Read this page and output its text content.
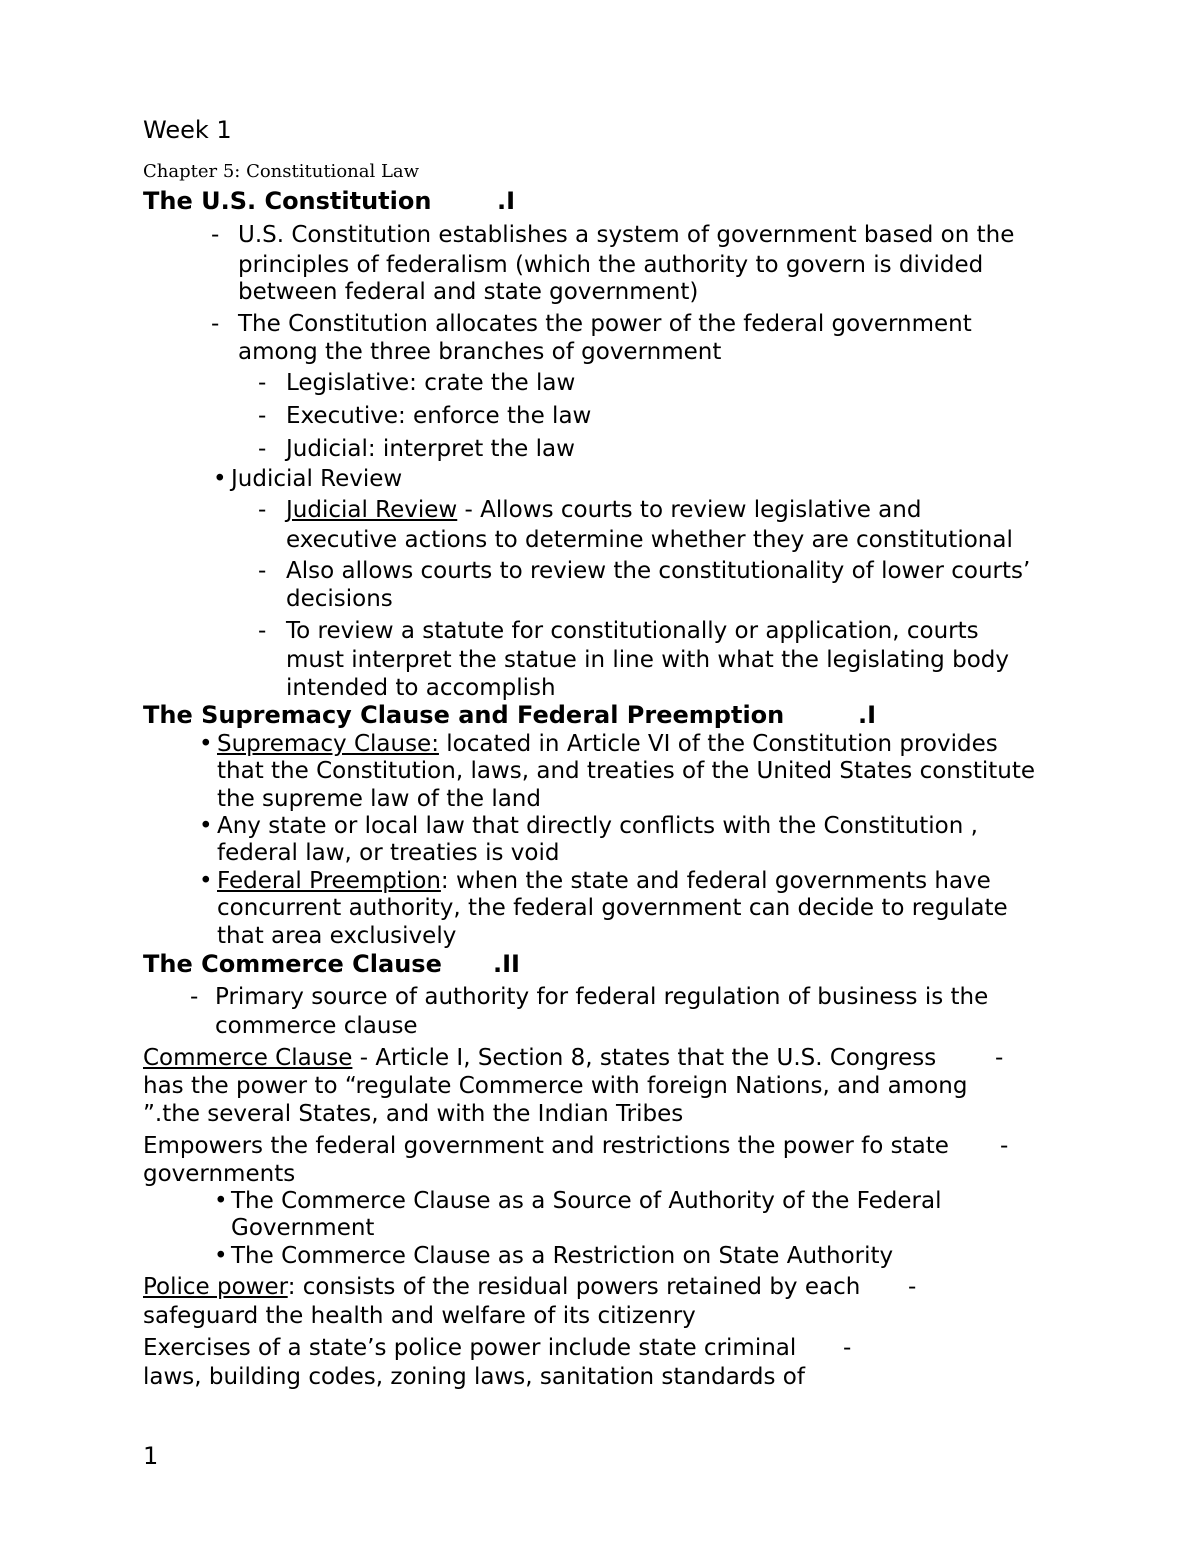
Week 1
Chapter 5: Constitutional Law
The U.S. Constitution	.I
- U.S. Constitution establishes a system of government based on the
principles of federalism (which the authority to govern is divided
between federal and state government)
- The Constitution allocates the power of the federal government
among the three branches of government
- Legislative: crate the law
- Executive: enforce the law
- Judicial: interpret the law
• Judicial Review
- Judicial Review - Allows courts to review legislative and
executive actions to determine whether they are constitutional
- Also allows courts to review the constitutionality of lower courts’
decisions
- To review a statute for constitutionally or application, courts
must interpret the statue in line with what the legislating body
intended to accomplish
The Supremacy Clause and Federal Preemption	.I
• Supremacy Clause: located in Article VI of the Constitution provides
that the Constitution, laws, and treaties of the United States constitute
the supreme law of the land
• Any state or local law that directly conflicts with the Constitution ,
federal law, or treaties is void
• Federal Preemption: when the state and federal governments have
concurrent authority, the federal government can decide to regulate
that area exclusively
The Commerce Clause .II
- Primary source of authority for federal regulation of business is the
commerce clause
Commerce Clause - Article I, Section 8, states that the U.S. Congress	-
has the power to “regulate Commerce with foreign Nations, and among
”.the several States, and with the Indian Tribes
Empowers the federal government and restrictions the power fo state -
governments
• The Commerce Clause as a Source of Authority of the Federal
Government
• The Commerce Clause as a Restriction on State Authority
Police power: consists of the residual powers retained by each -
safeguard the health and welfare of its citizenry
Exercises of a state’s police power include state criminal -
laws, building codes, zoning laws, sanitation standards of
1
